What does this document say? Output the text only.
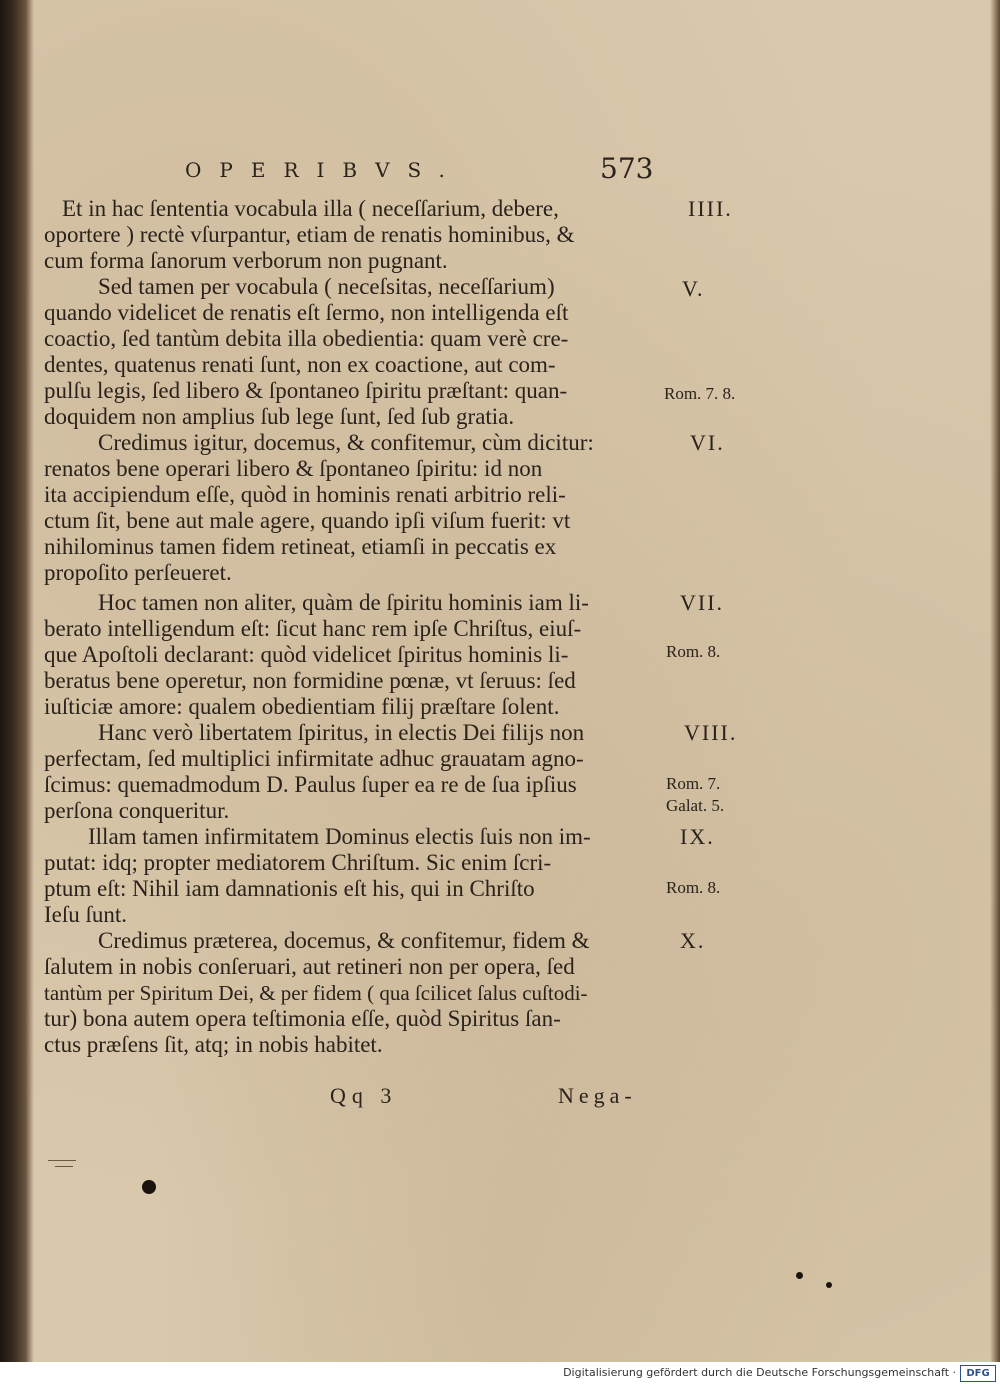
OPERIBVS.	573
Et in hac ſententia vocabula illa ( neceſſarium, debere,
oportere ) rectè vſurpantur, etiam de renatis hominibus, &
cum forma ſanorum verborum non pugnant.
Sed tamen per vocabula ( neceſsitas, neceſſarium)
quando videlicet de renatis eſt ſermo, non intelligenda eſt
coactio, ſed tantùm debita illa obedientia: quam verè cre-
dentes, quatenus renati ſunt, non ex coactione, aut com-
pulſu legis, ſed libero & ſpontaneo ſpiritu præſtant: quan-
doquidem non amplius ſub lege ſunt, ſed ſub gratia.
Credimus igitur, docemus, & confitemur, cùm dicitur:
renatos bene operari libero & ſpontaneo ſpiritu: id non
ita accipiendum eſſe, quòd in hominis renati arbitrio reli-
ctum ſit, bene aut male agere, quando ipſi viſum fuerit: vt
nihilominus tamen fidem retineat, etiamſi in peccatis ex
propoſito perſeueret.
Hoc tamen non aliter, quàm de ſpiritu hominis iam li-
berato intelligendum eſt: ſicut hanc rem ipſe Chriſtus, eiuſ-
que Apoſtoli declarant: quòd videlicet ſpiritus hominis li-
beratus bene operetur, non formidine pœnæ, vt ſeruus: ſed
iuſticiæ amore: qualem obedientiam filij præſtare ſolent.
Hanc verò libertatem ſpiritus, in electis Dei filijs non
perfectam, ſed multiplici infirmitate adhuc grauatam agno-
ſcimus: quemadmodum D. Paulus ſuper ea re de ſua ipſius
perſona conqueritur.
Illam tamen infirmitatem Dominus electis ſuis non im-
putat: idq; propter mediatorem Chriſtum. Sic enim ſcri-
ptum eſt: Nihil iam damnationis eſt his, qui in Chriſto
Ieſu ſunt.
Credimus præterea, docemus, & confitemur, fidem &
ſalutem in nobis conſeruari, aut retineri non per opera, ſed
tantùm per Spiritum Dei, & per fidem ( qua ſcilicet ſalus cuſtodi-
tur) bona autem opera teſtimonia eſſe, quòd Spiritus ſan-
ctus præſens ſit, atq; in nobis habitet.
IIII.
V.
VI.
VII.
VIII.
IX.
X.
Rom. 7. 8.
Rom. 8.
Rom. 7.
Galat. 5.
Rom. 8.
Qq 3	Nega-
Digitalisierung gefördert durch die Deutsche Forschungsgemeinschaft ·	DFG
